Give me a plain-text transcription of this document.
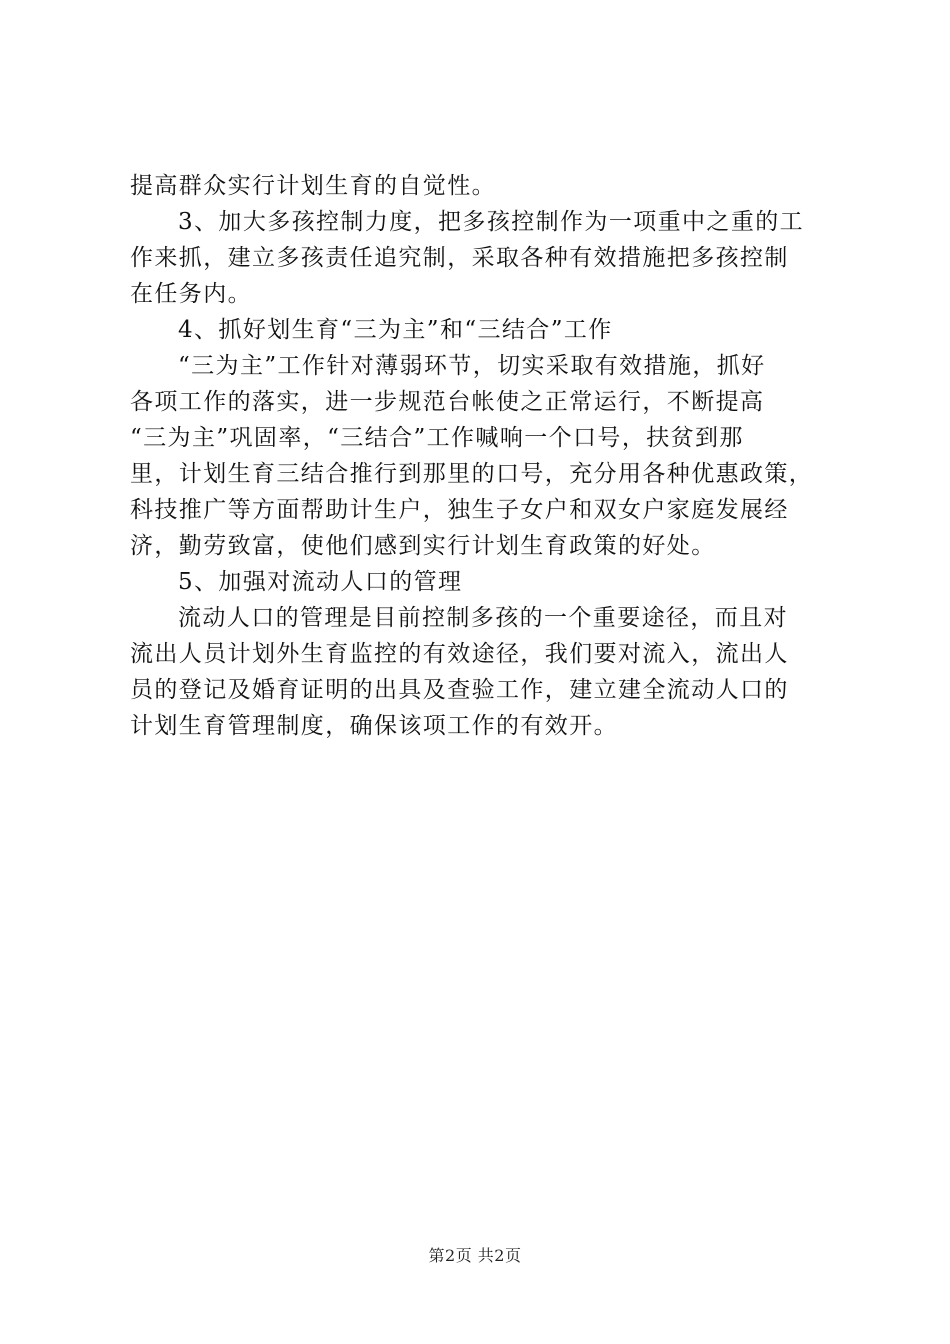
提高群众实行计划生育的自觉性。
3、加大多孩控制力度，把多孩控制作为一项重中之重的工
作来抓，建立多孩责任追究制，采取各种有效措施把多孩控制
在任务内。
4、抓好划生育“三为主”和“三结合”工作
“三为主”工作针对薄弱环节，切实采取有效措施，抓好
各项工作的落实，进一步规范台帐使之正常运行，不断提高
“三为主”巩固率，“三结合”工作喊响一个口号，扶贫到那
里，计划生育三结合推行到那里的口号，充分用各种优惠政策，
科技推广等方面帮助计生户，独生子女户和双女户家庭发展经
济，勤劳致富，使他们感到实行计划生育政策的好处。
5、加强对流动人口的管理
流动人口的管理是目前控制多孩的一个重要途径，而且对
流出人员计划外生育监控的有效途径，我们要对流入，流出人
员的登记及婚育证明的出具及查验工作，建立建全流动人口的
计划生育管理制度，确保该项工作的有效开。
第2页 共2页
